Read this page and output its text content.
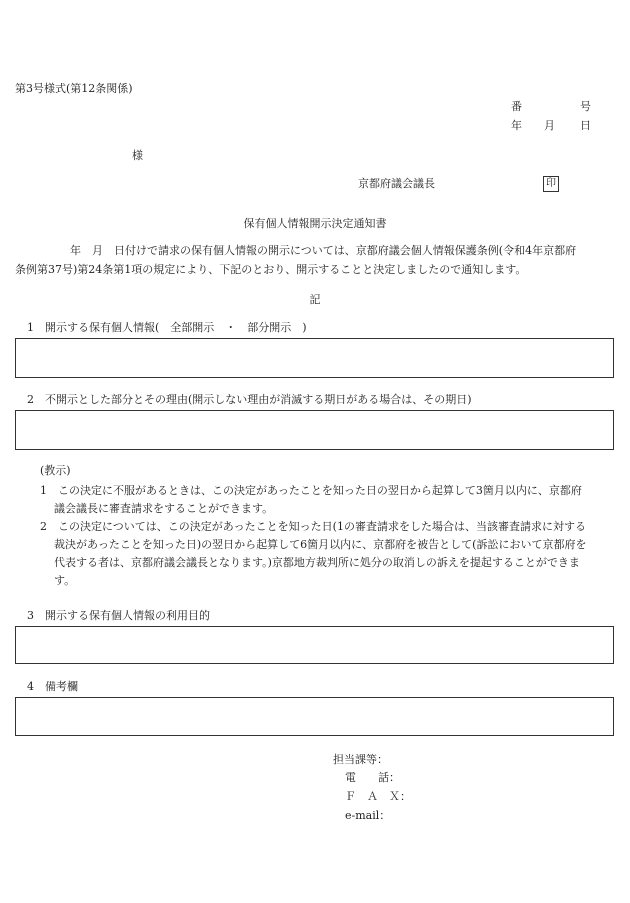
第3号様式(第12条関係)
番	号
年 月 日
様
京都府議会議長	印
保有個人情報開示決定通知書
年　月　日付けで請求の保有個人情報の開示については、京都府議会個人情報保護条例(令和4年京都府
条例第37号)第24条第1項の規定により、下記のとおり、開示することと決定しましたので通知します。
記
1　開示する保有個人情報(　全部開示　・　部分開示　)
2　不開示とした部分とその理由(開示しない理由が消滅する期日がある場合は、その期日)
(教示)
1　この決定に不服があるときは、この決定があったことを知った日の翌日から起算して3箇月以内に、京都府
議会議長に審査請求をすることができます。
2　この決定については、この決定があったことを知った日(1の審査請求をした場合は、当該審査請求に対する
裁決があったことを知った日)の翌日から起算して6箇月以内に、京都府を被告として(訴訟において京都府を
代表する者は、京都府議会議長となります。)京都地方裁判所に処分の取消しの訴えを提起することができま
す。
3　開示する保有個人情報の利用目的
4　備考欄
担当課等：
電　　話：
Ｆ　Ａ　Ｘ：
e-mail：
